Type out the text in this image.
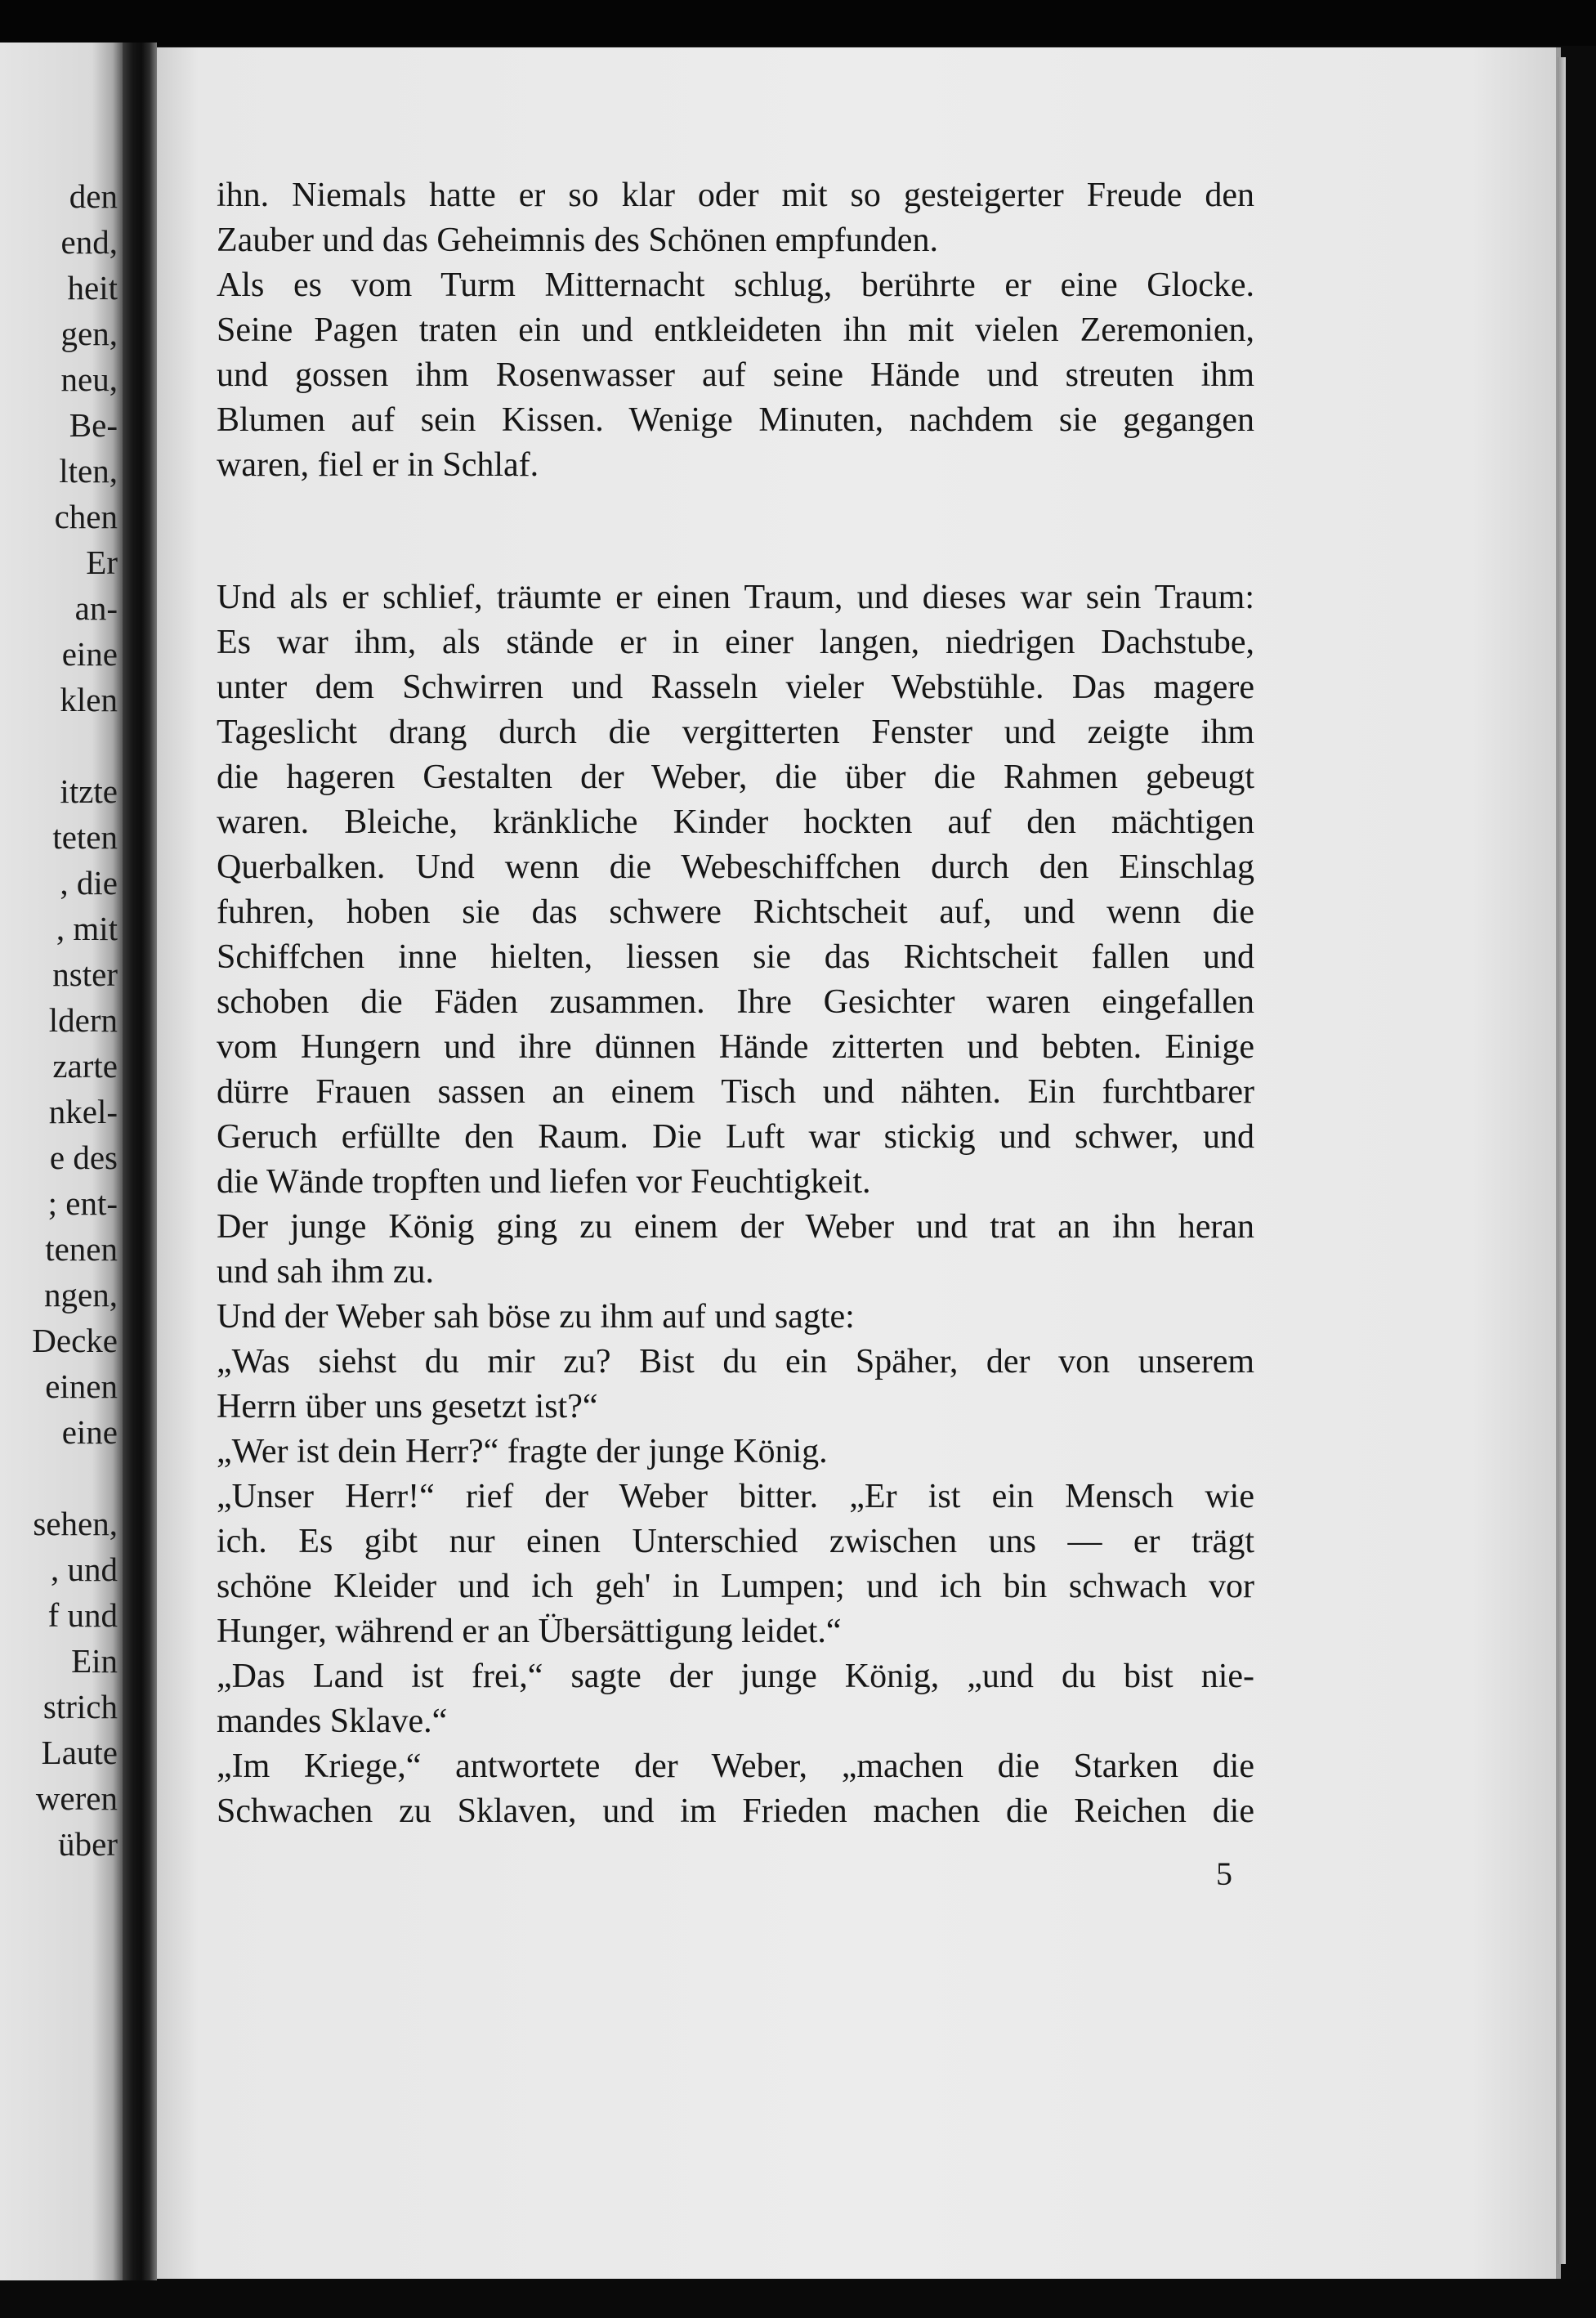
den
end,
heit
gen,
neu,
Be-
lten,
chen
Er
an-
eine
klen
itzte
teten
, die
, mit
nster
ldern
zarte
nkel-
e des
; ent-
tenen
ngen,
Decke
einen
eine
sehen,
, und
f und
Ein
strich
Laute
weren
über
ihn. Niemals hatte er so klar oder mit so gesteigerter Freude den
Zauber und das Geheimnis des Schönen empfunden.
Als es vom Turm Mitternacht schlug, berührte er eine Glocke.
Seine Pagen traten ein und entkleideten ihn mit vielen Zeremonien,
und gossen ihm Rosenwasser auf seine Hände und streuten ihm
Blumen auf sein Kissen. Wenige Minuten, nachdem sie gegangen
waren, fiel er in Schlaf.
Und als er schlief, träumte er einen Traum, und dieses war sein Traum:
Es war ihm, als stände er in einer langen, niedrigen Dachstube,
unter dem Schwirren und Rasseln vieler Webstühle. Das magere
Tageslicht drang durch die vergitterten Fenster und zeigte ihm
die hageren Gestalten der Weber, die über die Rahmen gebeugt
waren. Bleiche, kränkliche Kinder hockten auf den mächtigen
Querbalken. Und wenn die Webeschiffchen durch den Einschlag
fuhren, hoben sie das schwere Richtscheit auf, und wenn die
Schiffchen inne hielten, liessen sie das Richtscheit fallen und
schoben die Fäden zusammen. Ihre Gesichter waren eingefallen
vom Hungern und ihre dünnen Hände zitterten und bebten. Einige
dürre Frauen sassen an einem Tisch und nähten. Ein furchtbarer
Geruch erfüllte den Raum. Die Luft war stickig und schwer, und
die Wände tropften und liefen vor Feuchtigkeit.
Der junge König ging zu einem der Weber und trat an ihn heran
und sah ihm zu.
Und der Weber sah böse zu ihm auf und sagte:
„Was siehst du mir zu? Bist du ein Späher, der von unserem
Herrn über uns gesetzt ist?“
„Wer ist dein Herr?“ fragte der junge König.
„Unser Herr!“ rief der Weber bitter. „Er ist ein Mensch wie
ich. Es gibt nur einen Unterschied zwischen uns — er trägt
schöne Kleider und ich geh' in Lumpen; und ich bin schwach vor
Hunger, während er an Übersättigung leidet.“
„Das Land ist frei,“ sagte der junge König, „und du bist nie-
mandes Sklave.“
„Im Kriege,“ antwortete der Weber, „machen die Starken die
Schwachen zu Sklaven, und im Frieden machen die Reichen die
5
